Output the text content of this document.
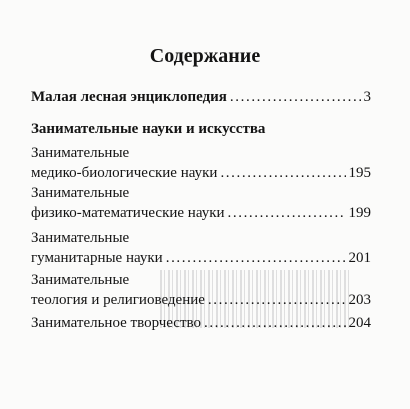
Содержание
Малая лесная энциклопедия .....	3
Занимательные науки и искусства
Занимательные
медико-биологические науки .....	195
Занимательные
физико-математические науки .....	199
Занимательные
гуманитарные науки .....	201
Занимательные
теология и религиоведение .....	203
Занимательное творчество .....	204
